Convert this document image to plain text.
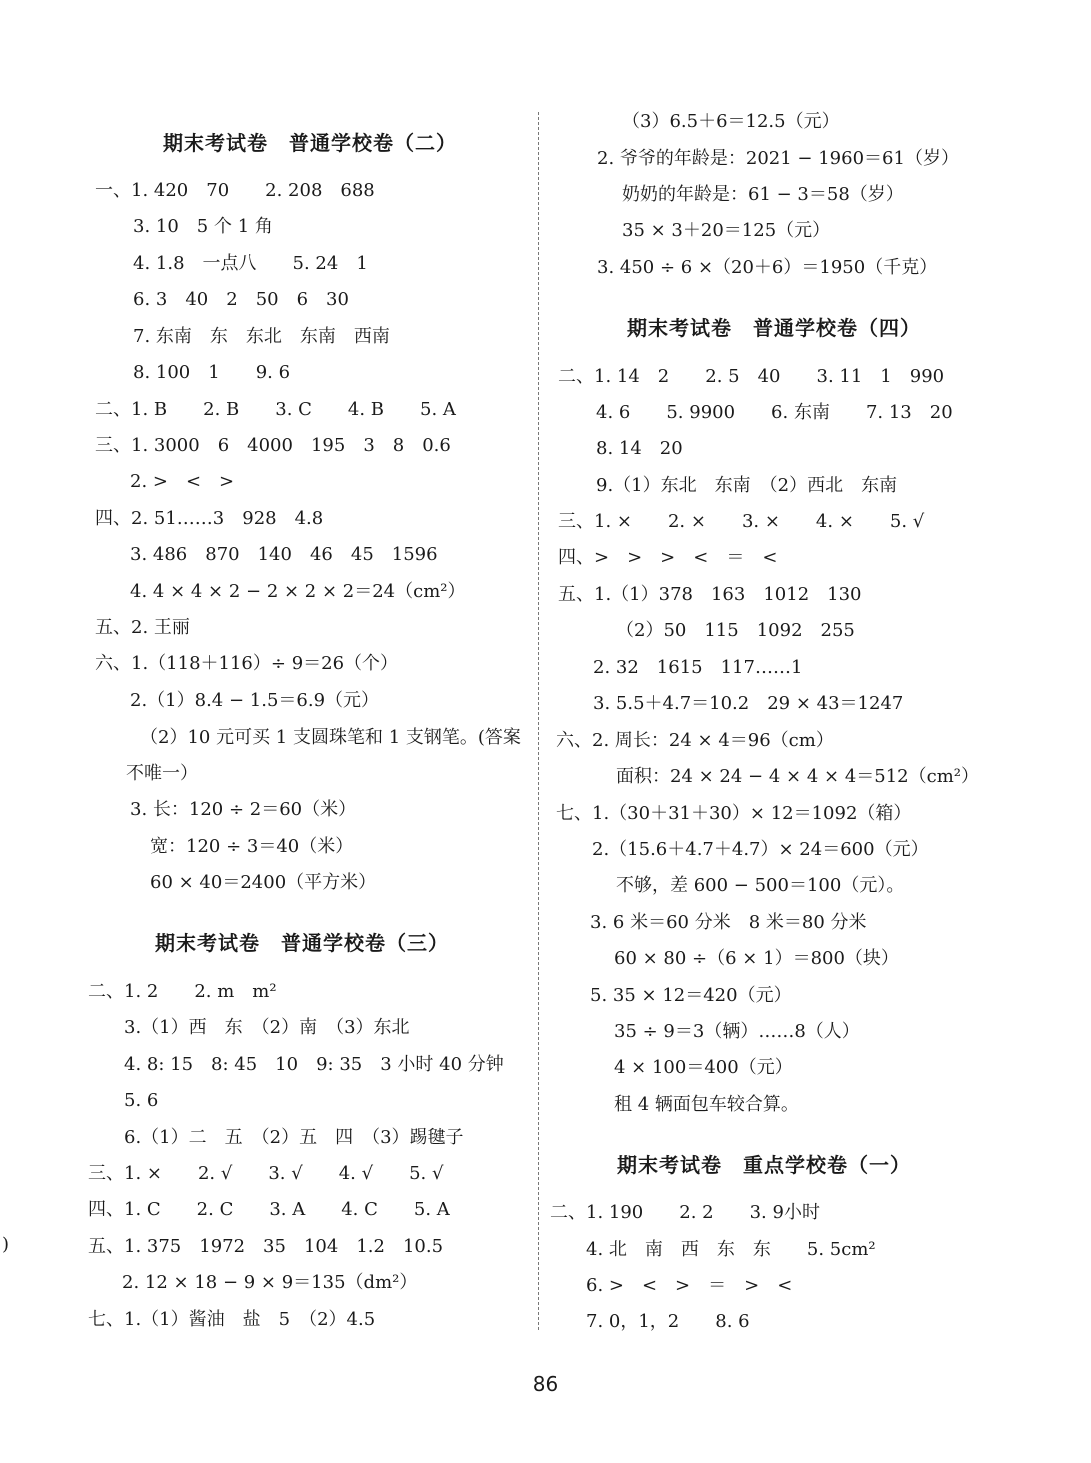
期末考试卷　普通学校卷（二）
一、1. 420　70　　2. 208　688
3. 10　5 个 1 角
4. 1.8　一点八　　5. 24　1
6. 3　40　2　50　6　30
7. 东南　东　东北　东南　西南
8. 100　1　　9. 6
二、1. B　　2. B　　3. C　　4. B　　5. A
三、1. 3000　6　4000　195　3　8　0.6
2. >　<　>
四、2. 51……3　928　4.8
3. 486　870　140　46　45　1596
4. 4 × 4 × 2 − 2 × 2 × 2＝24（cm²）
五、2. 王丽
六、1.（118＋116）÷ 9＝26（个）
2.（1）8.4 − 1.5＝6.9（元）
（2）10 元可买 1 支圆珠笔和 1 支钢笔。(答案
不唯一）
3. 长：120 ÷ 2＝60（米）
宽：120 ÷ 3＝40（米）
60 × 40＝2400（平方米）
期末考试卷　普通学校卷（三）
二、1. 2　　2. m　m²
3.（1）西　东　（2）南　（3）东北
4. 8: 15　8: 45　10　9: 35　3 小时 40 分钟
5. 6
6.（1）二　五　（2）五　四　（3）踢毽子
三、1. ×　　2. √　　3. √　　4. √　　5. √
四、1. C　　2. C　　3. A　　4. C　　5. A
五、1. 375　1972　35　104　1.2　10.5
2. 12 × 18 − 9 × 9＝135（dm²）
七、1.（1）酱油　盐　5　（2）4.5
（3）6.5＋6＝12.5（元）
2. 爷爷的年龄是：2021 − 1960＝61（岁）
奶奶的年龄是：61 − 3＝58（岁）
35 × 3＋20＝125（元）
3. 450 ÷ 6 ×（20＋6）＝1950（千克）
期末考试卷　普通学校卷（四）
二、1. 14　2　　2. 5　40　　3. 11　1　990
4. 6　　5. 9900　　6. 东南　　7. 13　20
8. 14　20
9.（1）东北　东南　（2）西北　东南
三、1. ×　　2. ×　　3. ×　　4. ×　　5. √
四、>　>　>　<　＝　<
五、1.（1）378　163　1012　130
（2）50　115　1092　255
2. 32　1615　117……1
3. 5.5＋4.7＝10.2　29 × 43＝1247
六、2. 周长：24 × 4＝96（cm）
面积：24 × 24 − 4 × 4 × 4＝512（cm²）
七、1.（30＋31＋30）× 12＝1092（箱）
2.（15.6＋4.7＋4.7）× 24＝600（元）
不够，差 600 − 500＝100（元）。
3. 6 米＝60 分米　8 米＝80 分米
60 × 80 ÷（6 × 1）＝800（块）
5. 35 × 12＝420（元）
35 ÷ 9＝3（辆）……8（人）
4 × 100＝400（元）
租 4 辆面包车较合算。
期末考试卷　重点学校卷（一）
二、1. 190　　2. 2　　3. 9小时
4. 北　南　西　东　东　　5. 5cm²
6. >　<　>　＝　>　<
7. 0，1，2　　8. 6
)
86
